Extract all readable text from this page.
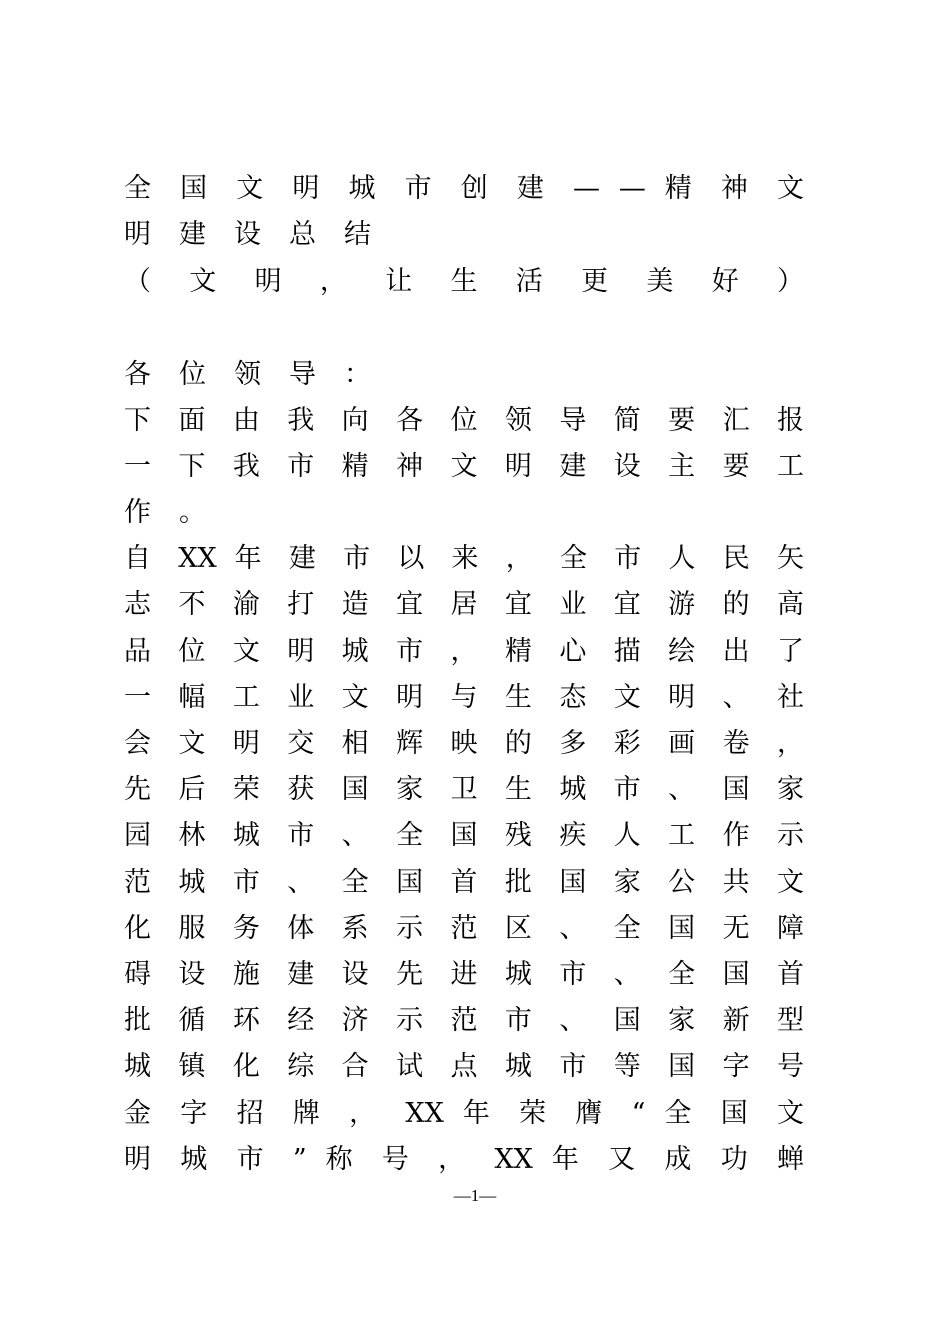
全 国 文 明 城 市 创 建 — — 精 神 文
明建设总结
（ 文 明 ， 让 生 活 更 美 好 ）
各位领导：
下 面 由 我 向 各 位 领 导 简 要 汇 报
一 下 我 市 精 神 文 明 建 设 主 要 工
作。
自 XX 年 建 市 以 来 ， 全 市 人 民 矢
志 不 渝 打 造 宜 居 宜 业 宜 游 的 高
品 位 文 明 城 市 ， 精 心 描 绘 出 了
一 幅 工 业 文 明 与 生 态 文 明 、 社
会 文 明 交 相 辉 映 的 多 彩 画 卷 ，
先 后 荣 获 国 家 卫 生 城 市 、 国 家
园 林 城 市 、 全 国 残 疾 人 工 作 示
范 城 市 、 全 国 首 批 国 家 公 共 文
化 服 务 体 系 示 范 区 、 全 国 无 障
碍 设 施 建 设 先 进 城 市 、 全 国 首
批 循 环 经 济 示 范 市 、 国 家 新 型
城 镇 化 综 合 试 点 城 市 等 国 字 号
金 字 招 牌 ， XX 年 荣 膺 “ 全 国 文
明 城 市 ” 称 号 ， XX 年 又 成 功 蝉
—1—
